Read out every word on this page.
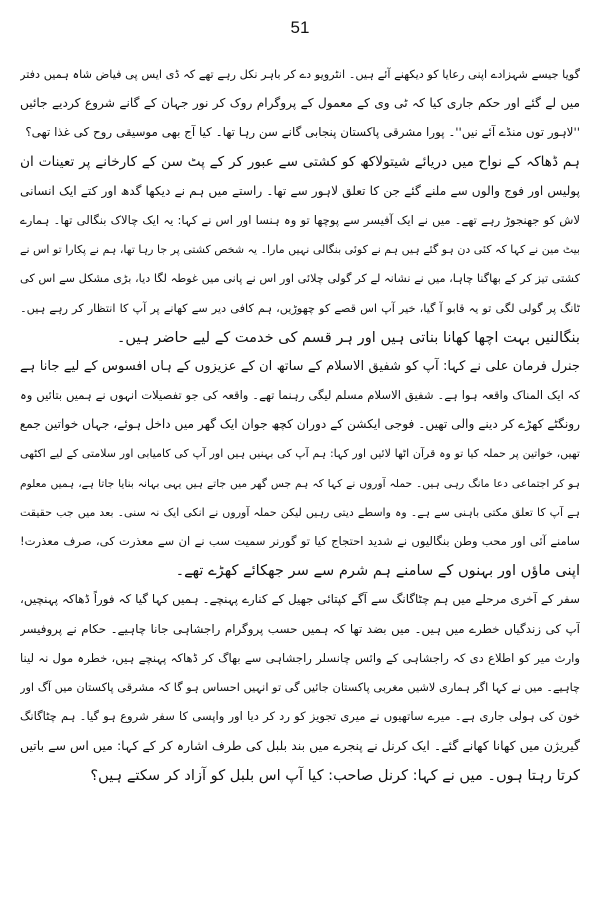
51
گویا جیسے شہزادے اپنی رعایا کو دیکھنے آئے ہیں۔ انٹرویو دے کر باہر نکل رہے تھے کہ ڈی ایس پی فیاض شاہ ہمیں دفتر
میں لے گئے اور حکم جاری کیا کہ ٹی وی کے معمول کے پروگرام روک کر نور جہان کے گانے شروع کردیے جائیں
''لاہور توں منڈے آئے نیں''۔ پورا مشرقی پاکستان پنجابی گانے سن رہا تھا۔ کیا آج بھی موسیقی روح کی غذا تھی؟
ہم ڈھاکہ کے نواح میں دریائے شیتولاکھ کو کشتی سے عبور کر کے پٹ سن کے کارخانے پر تعینات ان
پولیس اور فوج والوں سے ملنے گئے جن کا تعلق لاہور سے تھا۔ راستے میں ہم نے دیکھا گدھ اور کتے ایک انسانی
لاش کو جھنجوڑ رہے تھے۔ میں نے ایک آفیسر سے پوچھا تو وہ ہنسا اور اس نے کہا: یہ ایک چالاک بنگالی تھا۔ ہمارے
بیٹ مین نے کہا کہ کئی دن ہو گئے ہیں ہم نے کوئی بنگالی نہیں مارا۔ یہ شخص کشتی پر جا رہا تھا، ہم نے پکارا تو اس نے
کشتی تیز کر کے بھاگنا چاہا، میں نے نشانہ لے کر گولی چلائی اور اس نے پانی میں غوطہ لگا دیا، بڑی مشکل سے اس کی
ٹانگ پر گولی لگی تو یہ قابو آ گیا، خیر آپ اس قصے کو چھوڑیں، ہم کافی دیر سے کھانے پر آپ کا انتظار کر رہے ہیں۔
بنگالنیں بہت اچھا کھانا بناتی ہیں اور ہر قسم کی خدمت کے لیے حاضر ہیں۔
جنرل فرمان علی نے کہا: آپ کو شفیق الاسلام کے ساتھ ان کے عزیزوں کے ہاں افسوس کے لیے جانا ہے
کہ ایک المناک واقعہ ہوا ہے۔ شفیق الاسلام مسلم لیگی رہنما تھے۔ واقعہ کی جو تفصیلات انہوں نے ہمیں بتائیں وہ
رونگٹے کھڑے کر دینے والی تھیں۔ فوجی ایکشن کے دوران کچھ جوان ایک گھر میں داخل ہوئے، جہاں خواتین جمع
تھیں، خواتین پر حملہ کیا تو وہ قرآن اٹھا لائیں اور کہا: ہم آپ کی بہنیں ہیں اور آپ کی کامیابی اور سلامتی کے لیے اکٹھی
ہو کر اجتماعی دعا مانگ رہی ہیں۔ حملہ آوروں نے کہا کہ ہم جس گھر میں جاتے ہیں یہی بہانہ بنایا جاتا ہے، ہمیں معلوم
ہے آپ کا تعلق مکتی باہنی سے ہے۔ وہ واسطے دیتی رہیں لیکن حملہ آوروں نے انکی ایک نہ سنی۔ بعد میں جب حقیقت
سامنے آئی اور محب وطن بنگالیوں نے شدید احتجاج کیا تو گورنر سمیت سب نے ان سے معذرت کی، صرف معذرت!
اپنی ماؤں اور بہنوں کے سامنے ہم شرم سے سر جھکائے کھڑے تھے۔
سفر کے آخری مرحلے میں ہم چٹاگانگ سے آگے کپتائی جھیل کے کنارے پہنچے۔ ہمیں کہا گیا کہ فوراً ڈھاکہ پہنچیں،
آپ کی زندگیاں خطرے میں ہیں۔ میں بضد تھا کہ ہمیں حسب پروگرام راجشاہی جانا چاہیے۔ حکام نے پروفیسر
وارث میر کو اطلاع دی کہ راجشاہی کے وائس چانسلر راجشاہی سے بھاگ کر ڈھاکہ پہنچے ہیں، خطرہ مول نہ لینا
چاہیے۔ میں نے کہا اگر ہماری لاشیں مغربی پاکستان جائیں گی تو انہیں احساس ہو گا کہ مشرقی پاکستان میں آگ اور
خون کی ہولی جاری ہے۔ میرے ساتھیوں نے میری تجویز کو رد کر دیا اور واپسی کا سفر شروع ہو گیا۔ ہم چٹاگانگ
گیریژن میں کھانا کھانے گئے۔ ایک کرنل نے پنجرے میں بند بلبل کی طرف اشارہ کر کے کہا: میں اس سے باتیں
کرتا رہتا ہوں۔ میں نے کہا: کرنل صاحب: کیا آپ اس بلبل کو آزاد کر سکتے ہیں؟
